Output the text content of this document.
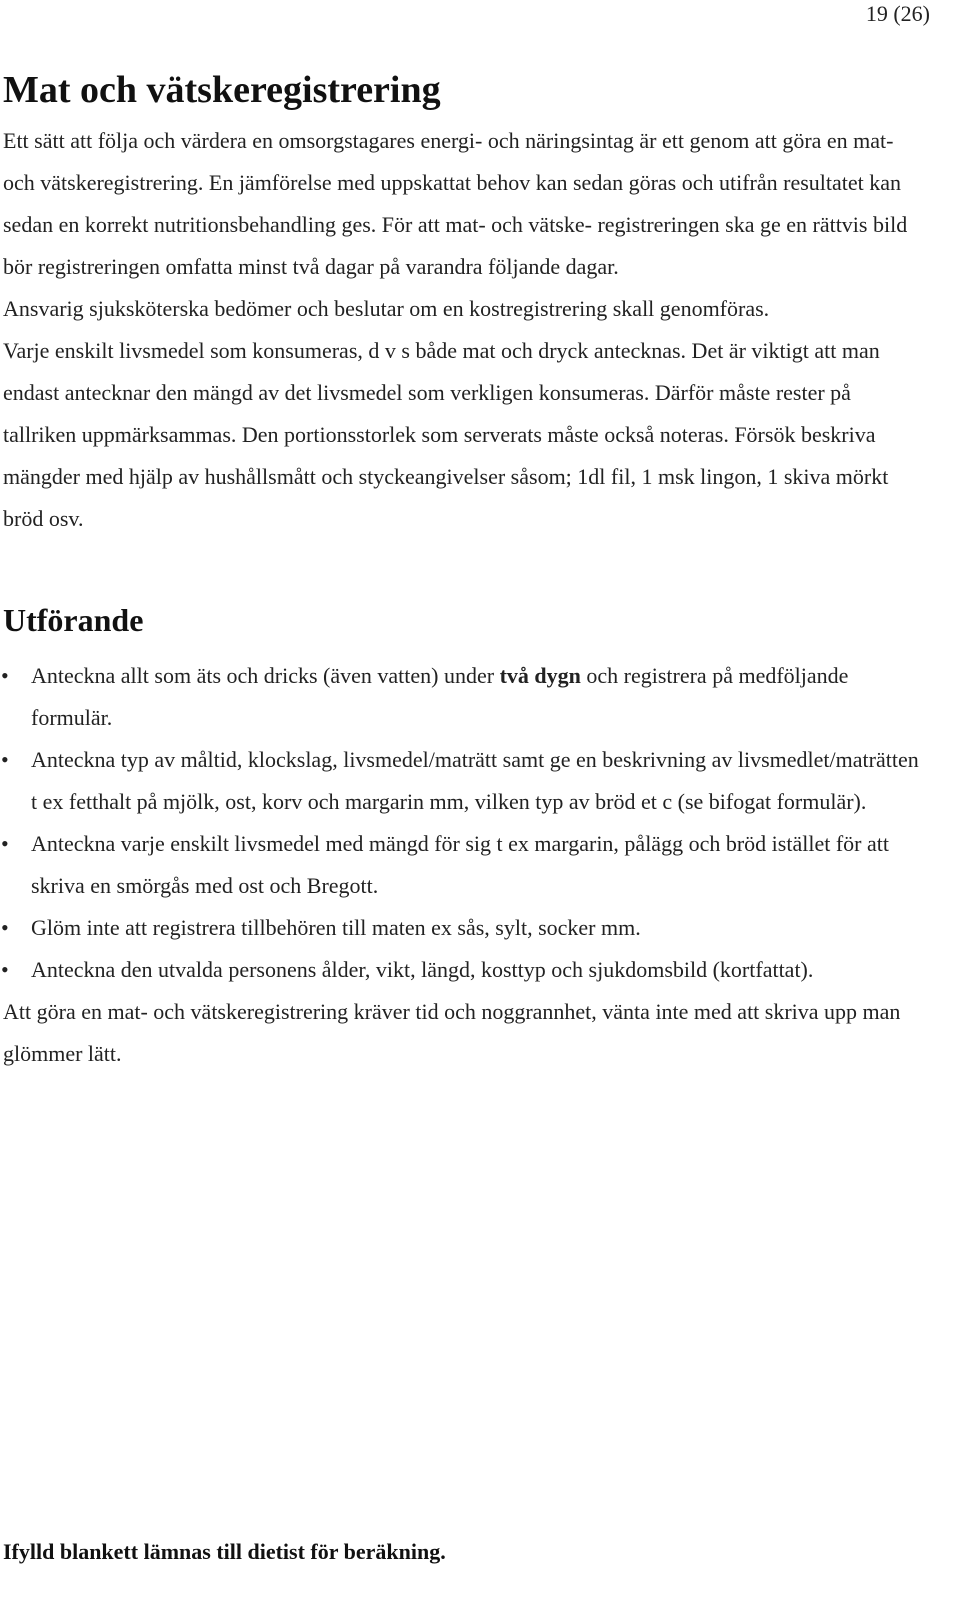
19 (26)
Mat och vätskeregistrering

Ett sätt att följa och värdera en omsorgstagares energi- och näringsintag är ett genom att göra en mat- och vätskeregistrering. En jämförelse med uppskattat behov kan sedan göras och utifrån resultatet kan sedan en korrekt nutritionsbehandling ges. För att mat- och vätske- registreringen ska ge en rättvis bild bör registreringen omfatta minst två dagar på varandra följande dagar.

Ansvarig sjuksköterska bedömer och beslutar om en kostregistrering skall genomföras.

Varje enskilt livsmedel som konsumeras, d v s både mat och dryck antecknas. Det är viktigt att man endast antecknar den mängd av det livsmedel som verkligen konsumeras. Därför måste rester på tallriken uppmärksammas. Den portionsstorlek som serverats måste också noteras. Försök beskriva mängder med hjälp av hushållsmått och styckeangivelser såsom; 1dl fil, 1 msk lingon, 1 skiva mörkt bröd osv.

Utförande
• Anteckna allt som äts och dricks (även vatten) under två dygn och registrera på medföljande formulär.
• Anteckna typ av måltid, klockslag, livsmedel/maträtt samt ge en beskrivning av livsmedlet/maträtten t ex fetthalt på mjölk, ost, korv och margarin mm, vilken typ av bröd et c (se bifogat formulär).
• Anteckna varje enskilt livsmedel med mängd för sig t ex margarin, pålägg och bröd istället för att skriva en smörgås med ost och Bregott.
• Glöm inte att registrera tillbehören till maten ex sås, sylt, socker mm.
• Anteckna den utvalda personens ålder, vikt, längd, kosttyp och sjukdomsbild (kortfattat).

Att göra en mat- och vätskeregistrering kräver tid och noggrannhet, vänta inte med att skriva upp man glömmer lätt.

Ifylld blankett lämnas till dietist för beräkning.
